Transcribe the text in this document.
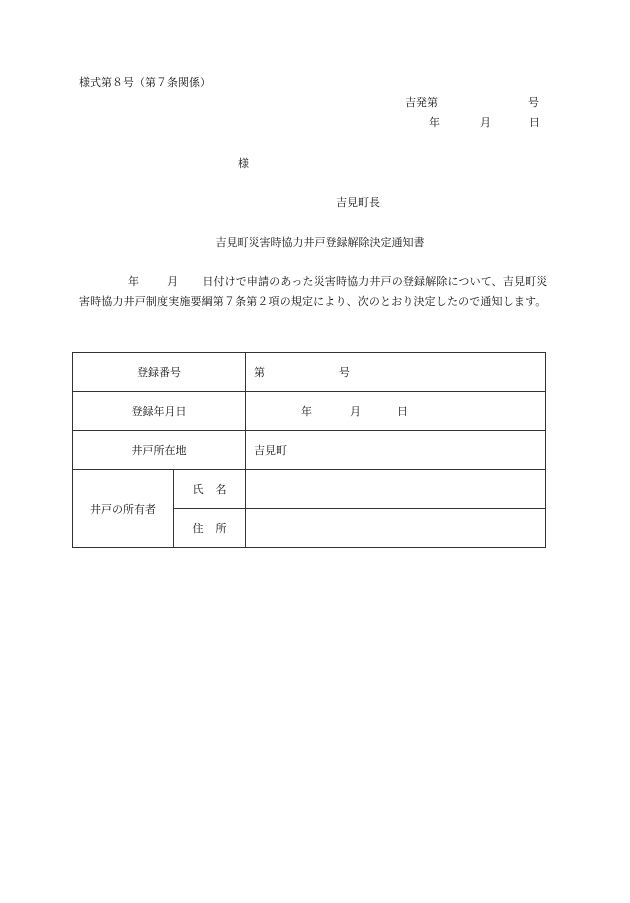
様式第８号（第７条関係）
吉発第	号
年	月	日
様
吉見町長
吉見町災害時協力井戸登録解除決定通知書
年	月 日付けで申請のあった災害時協力井戸の登録解除について、吉見町災害時協力井戸制度実施要綱第７条第２項の規定により、次のとおり決定したので通知します。
登録番号		第 号
登録年月日		年 月 日
井戸所在地		吉見町
井戸の所有者	氏 名	
	住 所	
